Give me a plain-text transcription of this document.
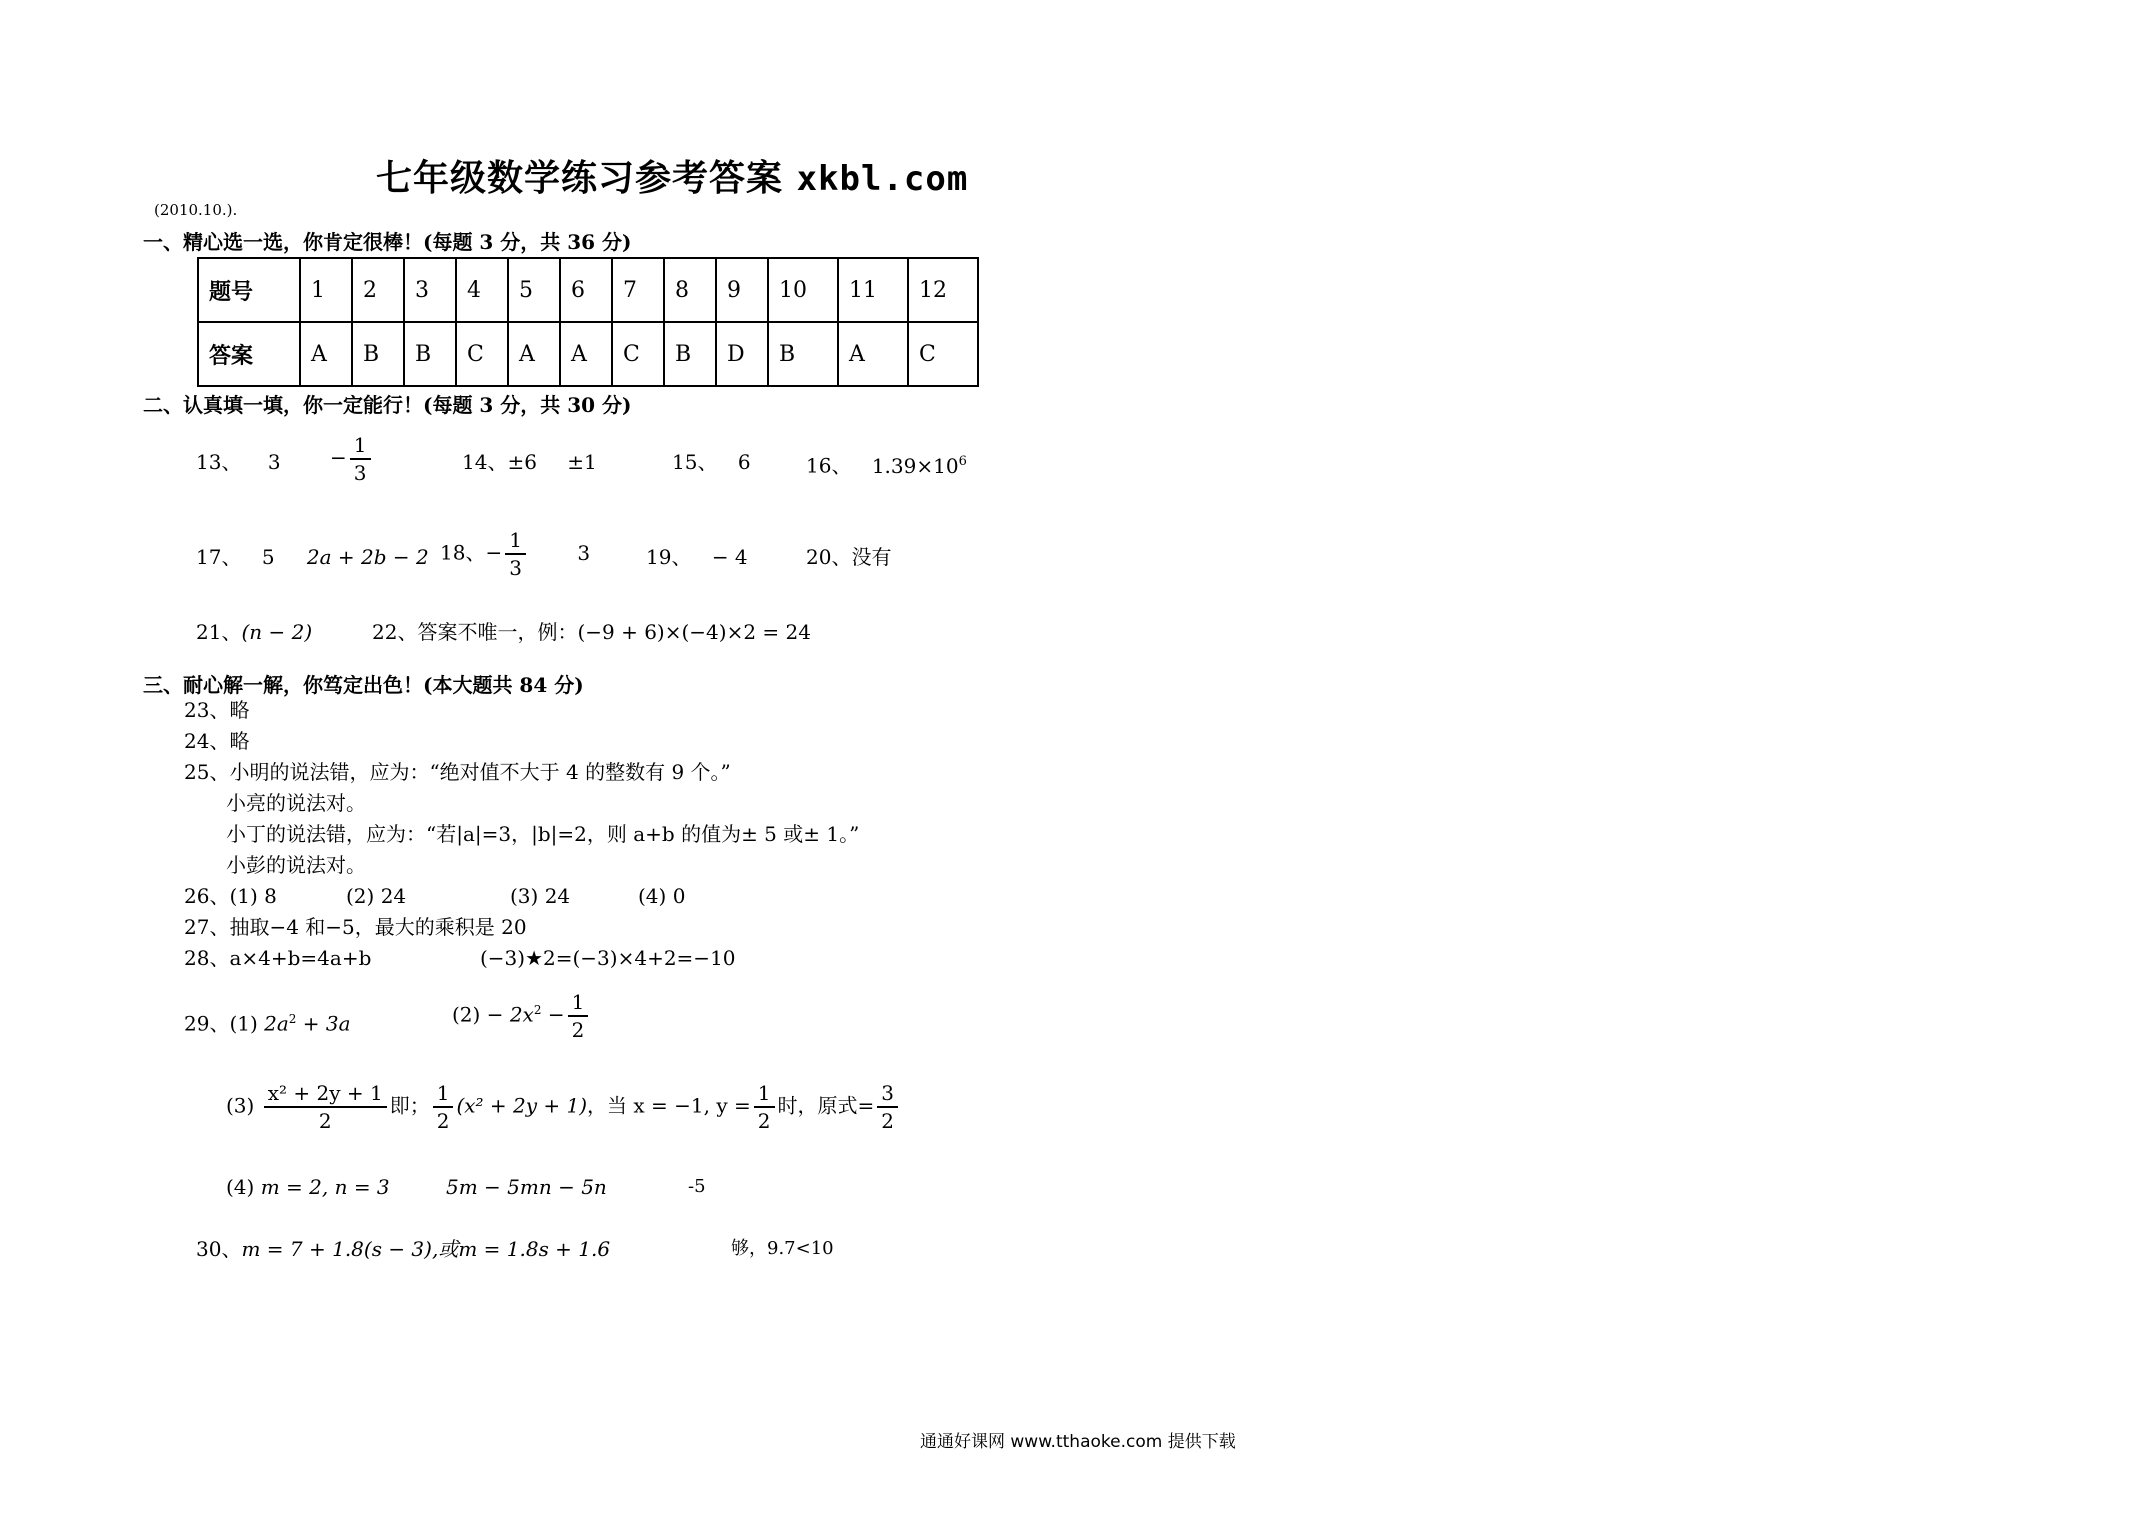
七年级数学练习参考答案 xkbl.com
(2010.10.).
一、精心选一选，你肯定很棒！(每题 3 分，共 36 分)
题号	1	2	3	4	5	6	7	8	9	10	11	12
答案	A	B	B	C	A	A	C	B	D	B	A	C
二、认真填一填，你一定能行！(每题 3 分，共 30 分)
13、 $3 - \frac{1}{3}$	14、±6 ±1	15、 6	16、 $1.39\times 10^6$
17、 5 2a + 2b − 2 18、− $\frac{1}{3}$	3	19、 − 4	20、没有
21、(n − 2)	22、答案不唯一，例：(−9 + 6)×(−4)×2 = 24
三、耐心解一解，你笃定出色！(本大题共 84 分)
23、略
24、略
25、小明的说法错，应为：“绝对值不大于 4 的整数有 9 个。”
小亮的说法对。
小丁的说法错，应为：“若|a|=3，|b|=2，则 a+b 的值为± 5 或± 1。”
小彭的说法对。
26、(1) 8	(2) 24	(3) 24	(4) 0
27、抽取−4 和−5，最大的乘积是 20
28、a×4+b=4a+b	(−3)★2=(−3)×4+2=−10
29、(1) $2a^2 + 3a$	$(2) - 2x^2 - \frac{1}{2}$
$(3) \frac{\text{x² + 2y + 1}}{2}$ 即； $\frac{1}{2} (x^2 + 2y + 1)$，当 x = −1, $y = \frac{1}{2}$ 时，原式= $\frac{3}{2}$
(4) m = 2, n = 3	5m − 5mn − 5n	-5
30、m = 7 + 1.8(s − 3),或m = 1.8s + 1.6	够，9.7<10
通通好课网 www.tthaoke.com 提供下载
